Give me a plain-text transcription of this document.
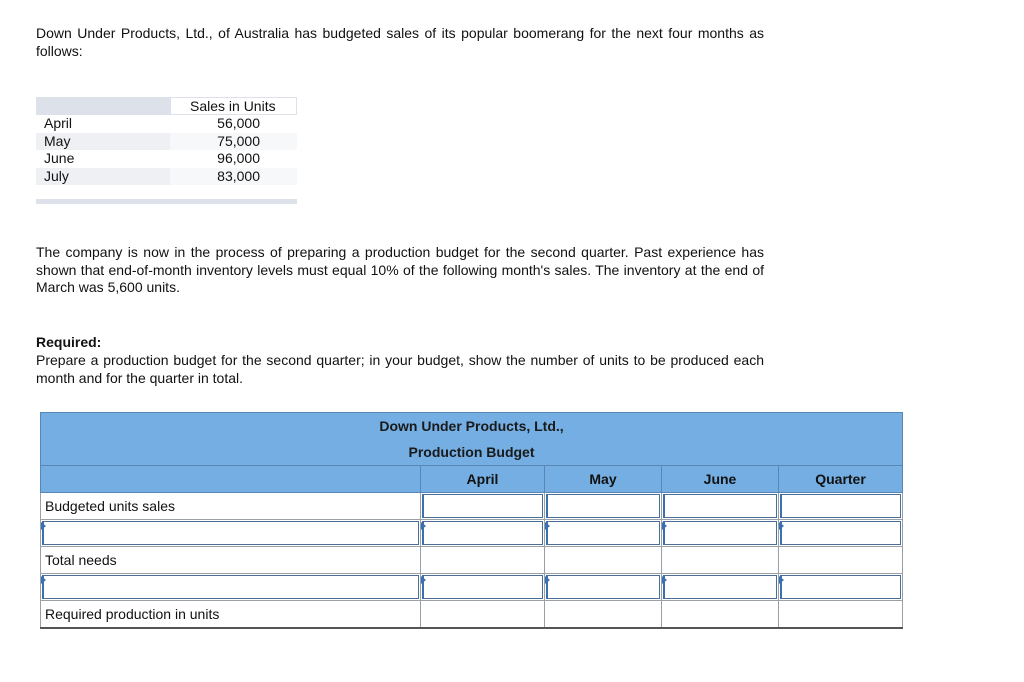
Down Under Products, Ltd., of Australia has budgeted sales of its popular boomerang for the next four months as follows:

Sales in Units
April	56,000
May	75,000
June	96,000
July	83,000

The company is now in the process of preparing a production budget for the second quarter. Past experience has shown that end-of-month inventory levels must equal 10% of the following month's sales. The inventory at the end of March was 5,600 units.

Required:

Prepare a production budget for the second quarter; in your budget, show the number of units to be produced each month and for the quarter in total.

Down Under Products, Ltd.,				
Production Budget				
	April	May	June	Quarter
Budgeted units sales	

Total needs				

Required production in units				
